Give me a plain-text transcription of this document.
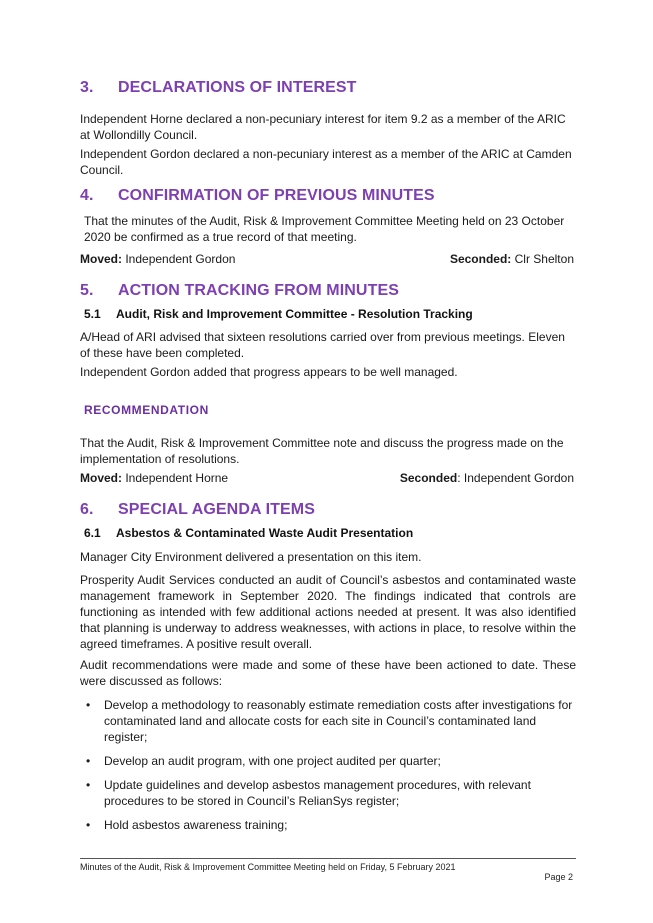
3. DECLARATIONS OF INTEREST

Independent Horne declared a non-pecuniary interest for item 9.2 as a member of the ARIC at Wollondilly Council.

Independent Gordon declared a non-pecuniary interest as a member of the ARIC at Camden Council.

4. CONFIRMATION OF PREVIOUS MINUTES

That the minutes of the Audit, Risk & Improvement Committee Meeting held on 23 October 2020 be confirmed as a true record of that meeting.

Moved: Independent Gordon	Seconded: Clr Shelton
5. ACTION TRACKING FROM MINUTES
5.1 Audit, Risk and Improvement Committee - Resolution Tracking

A/Head of ARI advised that sixteen resolutions carried over from previous meetings. Eleven of these have been completed.

Independent Gordon added that progress appears to be well managed.

RECOMMENDATION

That the Audit, Risk & Improvement Committee note and discuss the progress made on the implementation of resolutions.

Moved: Independent Horne	Seconded: Independent Gordon
6. SPECIAL AGENDA ITEMS
6.1 Asbestos & Contaminated Waste Audit Presentation

Manager City Environment delivered a presentation on this item.

Prosperity Audit Services conducted an audit of Council’s asbestos and contaminated waste management framework in September 2020. The findings indicated that controls are functioning as intended with few additional actions needed at present. It was also identified that planning is underway to address weaknesses, with actions in place, to resolve within the agreed timeframes. A positive result overall.

Audit recommendations were made and some of these have been actioned to date. These were discussed as follows:

• Develop a methodology to reasonably estimate remediation costs after investigations for contaminated land and allocate costs for each site in Council’s contaminated land register;
• Develop an audit program, with one project audited per quarter;
• Update guidelines and develop asbestos management procedures, with relevant procedures to be stored in Council’s RelianSys register;
• Hold asbestos awareness training;
Minutes of the Audit, Risk & Improvement Committee Meeting held on Friday, 5 February 2021
Page 2
